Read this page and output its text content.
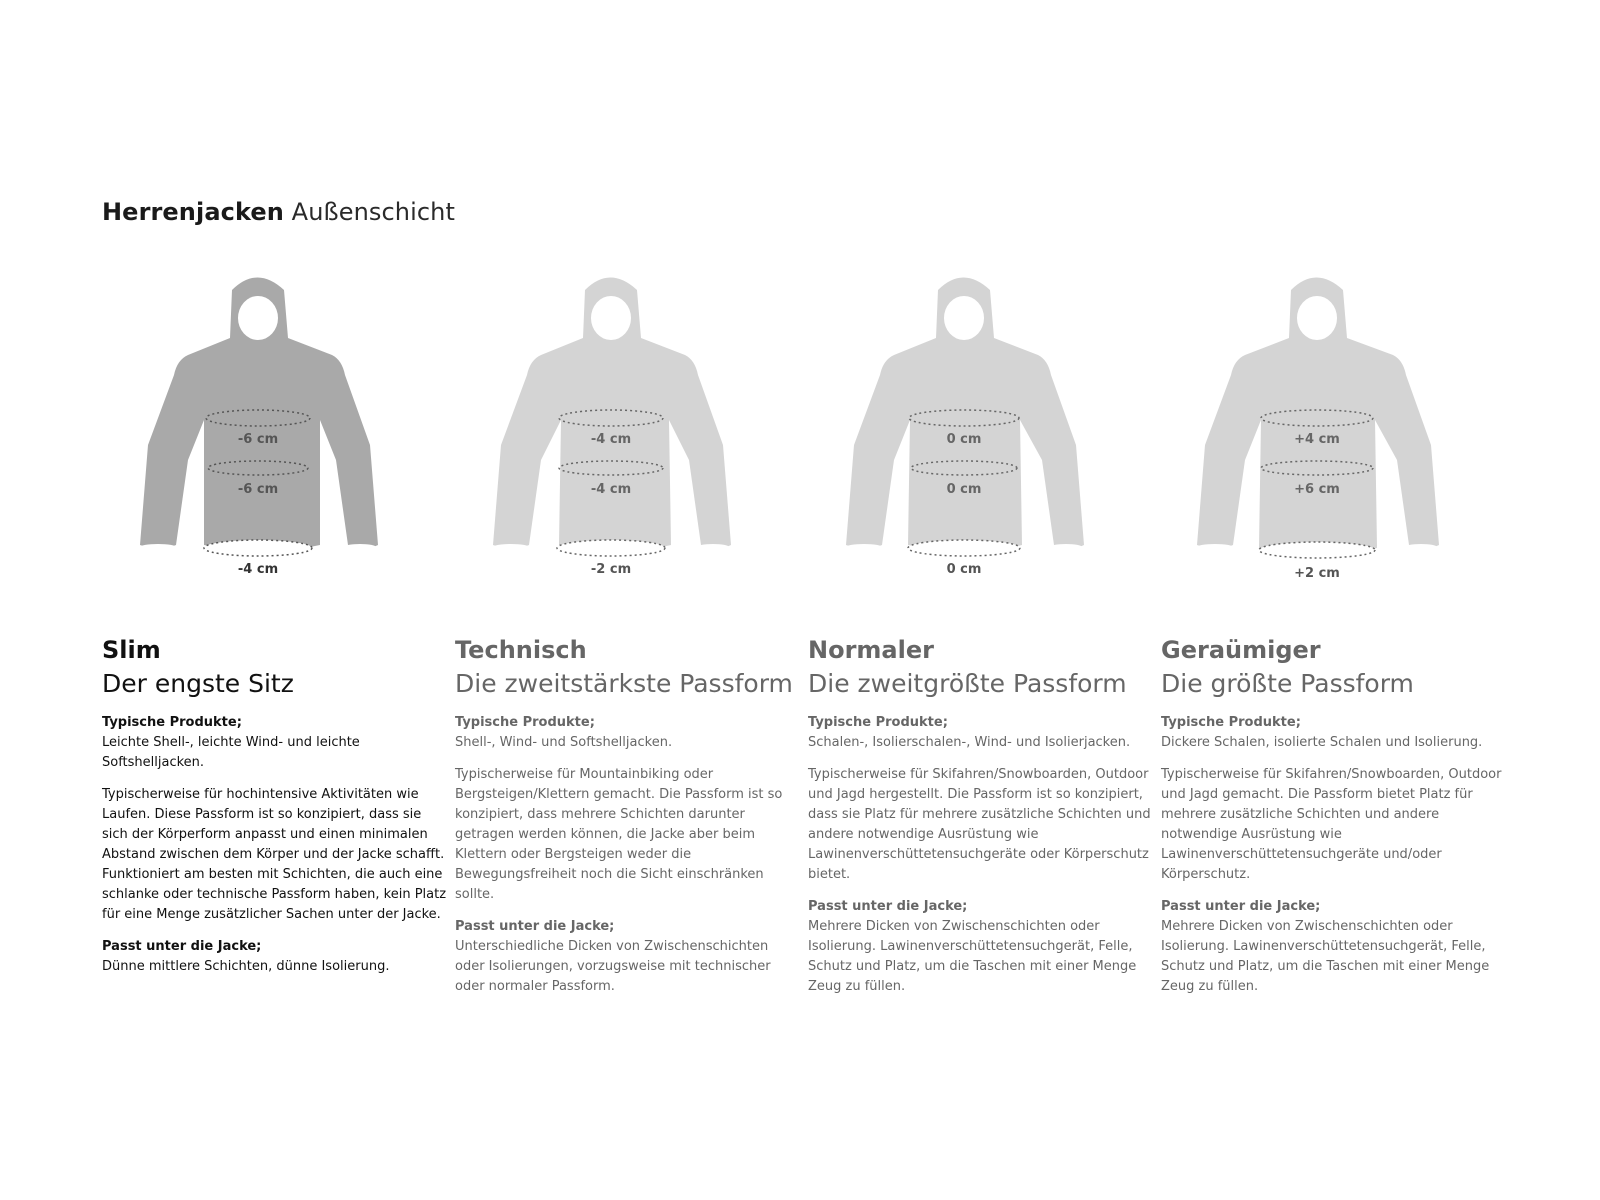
Herrenjacken Außenschicht
-6 cm
-6 cm
-4 cm
Slim
Der engste Sitz

Typische Produkte;
Leichte Shell-, leichte Wind- und leichte Softshelljacken.

Typischerweise für hochintensive Aktivitäten wie Laufen. Diese Passform ist so konzipiert, dass sie sich der Körperform anpasst und einen minimalen Abstand zwischen dem Körper und der Jacke schafft. Funktioniert am besten mit Schichten, die auch eine schlanke oder technische Passform haben, kein Platz für eine Menge zusätzlicher Sachen unter der Jacke.

Passt unter die Jacke;
Dünne mittlere Schichten, dünne Isolierung.

-4 cm
-4 cm
-2 cm
Technisch
Die zweitstärkste Passform

Typische Produkte;
Shell-, Wind- und Softshelljacken.

Typischerweise für Mountainbiking oder Bergsteigen/Klettern gemacht. Die Passform ist so konzipiert, dass mehrere Schichten darunter getragen werden können, die Jacke aber beim Klettern oder Bergsteigen weder die Bewegungsfreiheit noch die Sicht einschränken sollte.

Passt unter die Jacke;
Unterschiedliche Dicken von Zwischenschichten oder Isolierungen, vorzugsweise mit technischer oder normaler Passform.

0 cm
0 cm
0 cm
Normaler
Die zweitgrößte Passform

Typische Produkte;
Schalen-, Isolierschalen-, Wind- und Isolierjacken.

Typischerweise für Skifahren/Snowboarden, Outdoor und Jagd hergestellt. Die Passform ist so konzipiert, dass sie Platz für mehrere zusätzliche Schichten und andere notwendige Ausrüstung wie Lawinenverschüttetensuchgeräte oder Körperschutz bietet.

Passt unter die Jacke;
Mehrere Dicken von Zwischenschichten oder Isolierung. Lawinenverschüttetensuchgerät, Felle, Schutz und Platz, um die Taschen mit einer Menge Zeug zu füllen.

+4 cm
+6 cm
+2 cm
Geraümiger
Die größte Passform

Typische Produkte;
Dickere Schalen, isolierte Schalen und Isolierung.

Typischerweise für Skifahren/Snowboarden, Outdoor und Jagd gemacht. Die Passform bietet Platz für mehrere zusätzliche Schichten und andere notwendige Ausrüstung wie Lawinenverschüttetensuchgeräte und/oder Körperschutz.

Passt unter die Jacke;
Mehrere Dicken von Zwischenschichten oder Isolierung. Lawinenverschüttetensuchgerät, Felle, Schutz und Platz, um die Taschen mit einer Menge Zeug zu füllen.
